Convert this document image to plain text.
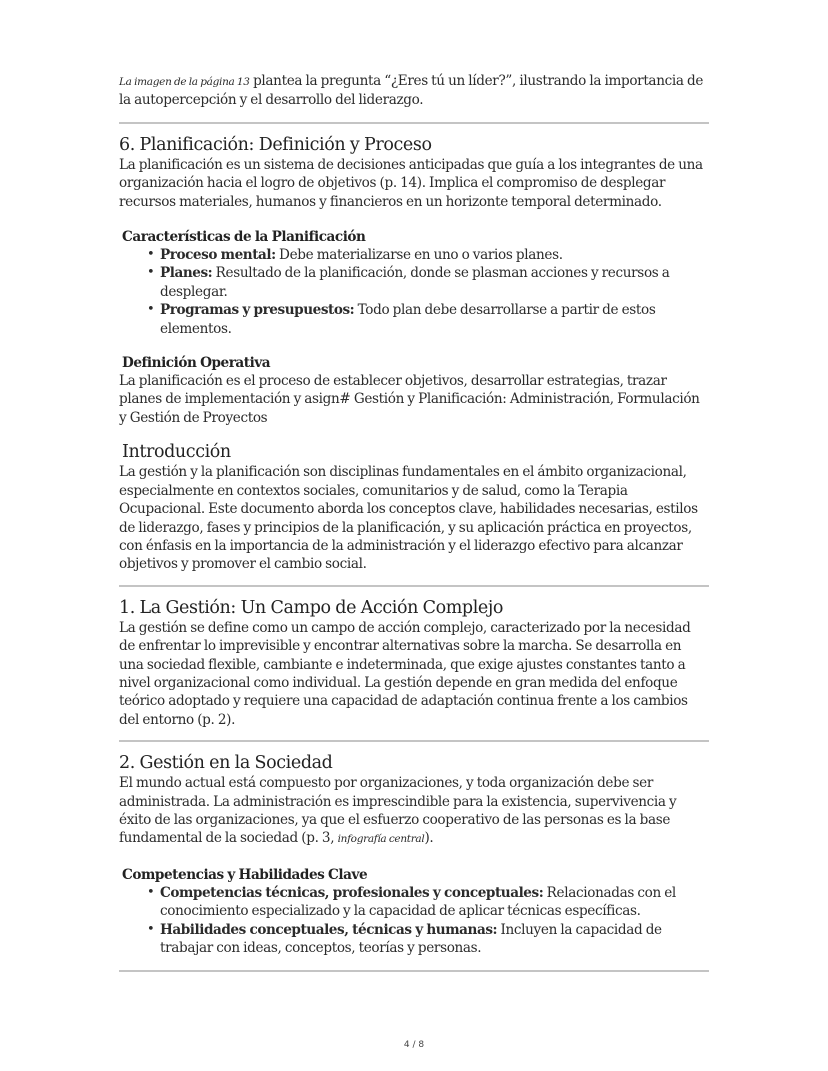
La imagen de la página 13 plantea la pregunta “¿Eres tú un líder?”, ilustrando la importancia de la autopercepción y el desarrollo del liderazgo.

6. Planificación: Definición y Proceso

La planificación es un sistema de decisiones anticipadas que guía a los integrantes de una organización hacia el logro de objetivos (p. 14). Implica el compromiso de desplegar recursos materiales, humanos y financieros en un horizonte temporal determinado.

Características de la Planificación
• Proceso mental: Debe materializarse en uno o varios planes.
• Planes: Resultado de la planificación, donde se plasman acciones y recursos a desplegar.
• Programas y presupuestos: Todo plan debe desarrollarse a partir de estos elementos.
Definición Operativa

La planificación es el proceso de establecer objetivos, desarrollar estrategias, trazar planes de implementación y asign# Gestión y Planificación: Administración, Formulación y Gestión de Proyectos

Introducción

La gestión y la planificación son disciplinas fundamentales en el ámbito organizacional, especialmente en contextos sociales, comunitarios y de salud, como la Terapia Ocupacional. Este documento aborda los conceptos clave, habilidades necesarias, estilos de liderazgo, fases y principios de la planificación, y su aplicación práctica en proyectos, con énfasis en la importancia de la administración y el liderazgo efectivo para alcanzar objetivos y promover el cambio social.

1. La Gestión: Un Campo de Acción Complejo

La gestión se define como un campo de acción complejo, caracterizado por la necesidad de enfrentar lo imprevisible y encontrar alternativas sobre la marcha. Se desarrolla en una sociedad flexible, cambiante e indeterminada, que exige ajustes constantes tanto a nivel organizacional como individual. La gestión depende en gran medida del enfoque teórico adoptado y requiere una capacidad de adaptación continua frente a los cambios del entorno (p. 2).

2. Gestión en la Sociedad

El mundo actual está compuesto por organizaciones, y toda organización debe ser administrada. La administración es imprescindible para la existencia, supervivencia y éxito de las organizaciones, ya que el esfuerzo cooperativo de las personas es la base fundamental de la sociedad (p. 3, infografía central).

Competencias y Habilidades Clave
• Competencias técnicas, profesionales y conceptuales: Relacionadas con el conocimiento especializado y la capacidad de aplicar técnicas específicas.
• Habilidades conceptuales, técnicas y humanas: Incluyen la capacidad de trabajar con ideas, conceptos, teorías y personas.
4 / 8
